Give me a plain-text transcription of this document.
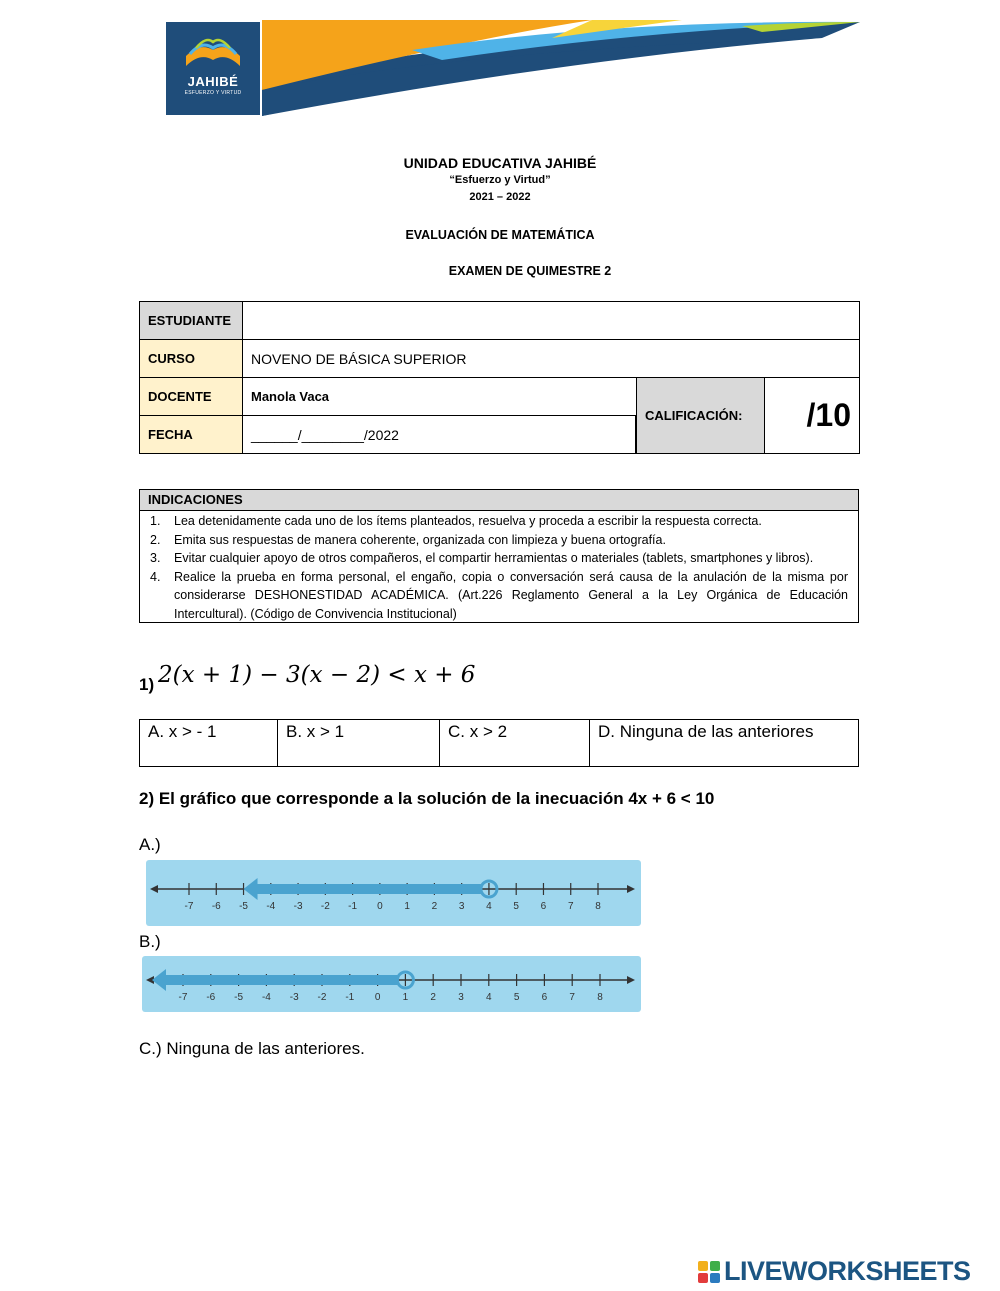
JAHIBÉ
ESFUERZO Y VIRTUD
UNIDAD EDUCATIVA JAHIBÉ
“Esfuerzo y Virtud”
2021 – 2022
EVALUACIÓN DE MATEMÁTICA
EXAMEN DE QUIMESTRE 2
ESTUDIANTE
CURSO	NOVENO DE BÁSICA SUPERIOR
DOCENTE	Manola Vaca
FECHA	______/________/2022
CALIFICACIÓN:	/10
INDICACIONES
1.	Lea detenidamente cada uno de los ítems planteados, resuelva y proceda a escribir la respuesta correcta.
2.	Emita sus respuestas de manera coherente, organizada con limpieza y buena ortografía.
3.	Evitar cualquier apoyo de otros compañeros, el compartir herramientas o materiales (tablets, smartphones y libros).
4.	Realice la prueba en forma personal, el engaño, copia o conversación será causa de la anulación de la misma por considerarse DESHONESTIDAD ACADÉMICA. (Art.226 Reglamento General a la Ley Orgánica de Educación Intercultural). (Código de Convivencia Institucional)
1) 2(x + 1) − 3(x − 2) < x + 6
A. x > - 1	B. x > 1	C. x > 2	D. Ninguna de las anteriores
2) El gráfico que corresponde a la solución de la inecuación 4x + 6 < 10
A.)
-7 -6 -5 -4 -3 -2 -1 0 1 2 3 4 5 6 7 8
B.)
-7 -6 -5 -4 -3 -2 -1 0 1 2 3 4 5 6 7 8
C.) Ninguna de las anteriores.
LIVEWORKSHEETS
